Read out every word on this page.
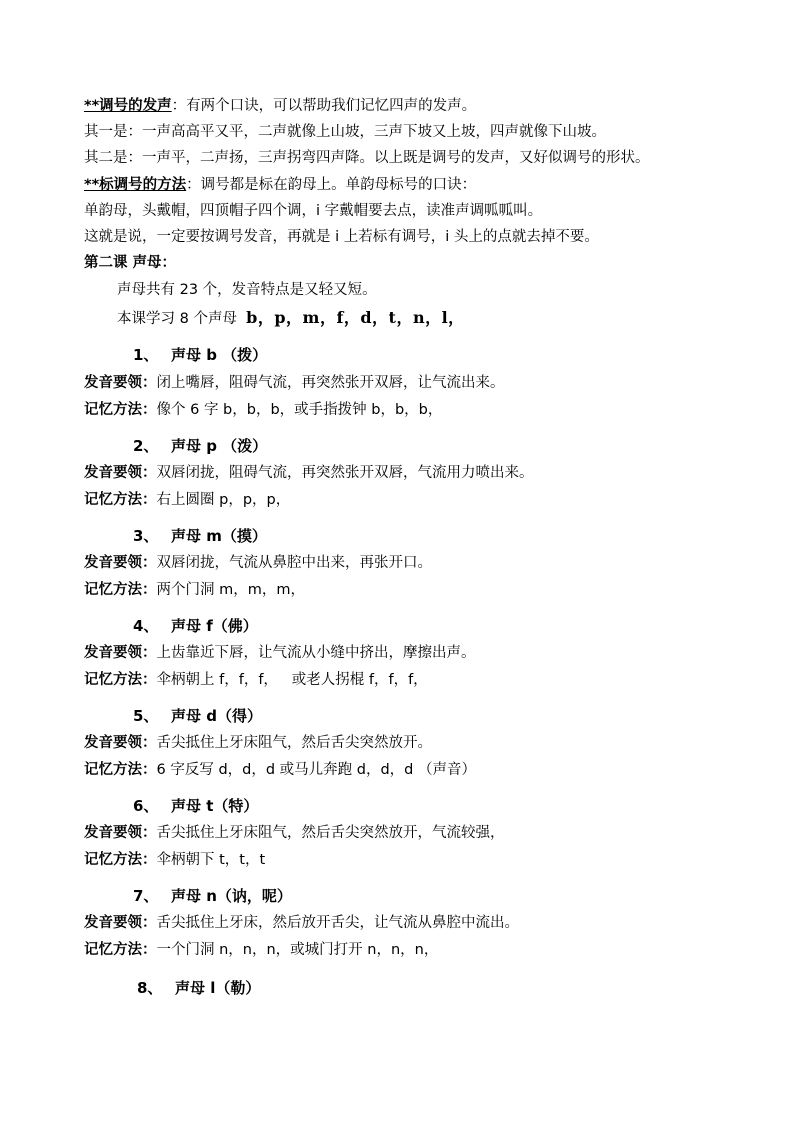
**调号的发声：有两个口诀，可以帮助我们记忆四声的发声。
其一是：一声高高平又平，二声就像上山坡，三声下坡又上坡，四声就像下山坡。
其二是：一声平，二声扬，三声拐弯四声降。以上既是调号的发声，又好似调号的形状。
**标调号的方法：调号都是标在韵母上。单韵母标号的口诀：
单韵母，头戴帽，四顶帽子四个调，i 字戴帽要去点，读准声调呱呱叫。
这就是说，一定要按调号发音，再就是 i 上若标有调号，i 头上的点就去掉不要。
第二课 声母：
声母共有 23 个，发音特点是又轻又短。
本课学习 8 个声母 b，p，m，f，d，t，n，l，
1、 声母 b （拨）
发音要领：闭上嘴唇，阻碍气流，再突然张开双唇，让气流出来。
记忆方法：像个 6 字 b，b，b，或手指拨钟 b，b，b，
2、 声母 p （泼）
发音要领：双唇闭拢，阻碍气流，再突然张开双唇，气流用力喷出来。
记忆方法：右上圆圈 p，p，p，
3、 声母 m（摸）
发音要领：双唇闭拢，气流从鼻腔中出来，再张开口。
记忆方法：两个门洞 m，m，m，
4、 声母 f（佛）
发音要领：上齿靠近下唇，让气流从小缝中挤出，摩擦出声。
记忆方法：伞柄朝上 f，f，f，   或老人拐棍 f，f，f，
5、 声母 d（得）
发音要领：舌尖抵住上牙床阻气，然后舌尖突然放开。
记忆方法：6 字反写 d，d，d 或马儿奔跑 d，d，d （声音）
6、 声母 t（特）
发音要领：舌尖抵住上牙床阻气，然后舌尖突然放开，气流较强，
记忆方法：伞柄朝下 t，t，t
7、 声母 n（讷，呢）
发音要领：舌尖抵住上牙床，然后放开舌尖，让气流从鼻腔中流出。
记忆方法：一个门洞 n，n，n，或城门打开 n，n，n，
8、 声母 l（勒）
